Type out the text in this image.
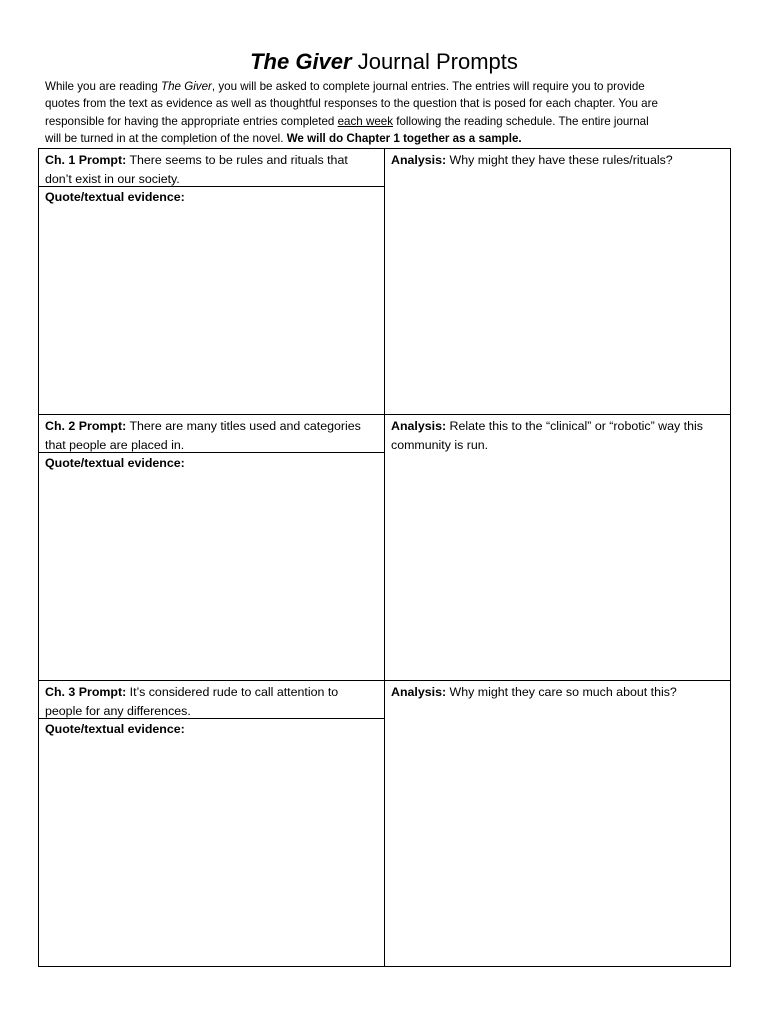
The Giver Journal Prompts
While you are reading The Giver, you will be asked to complete journal entries. The entries will require you to provide
quotes from the text as evidence as well as thoughtful responses to the question that is posed for each chapter. You are
responsible for having the appropriate entries completed each week following the reading schedule. The entire journal
will be turned in at the completion of the novel. We will do Chapter 1 together as a sample.
Ch. 1 Prompt: There seems to be rules and rituals that don’t exist in our society.
Quote/textual evidence:
Analysis: Why might they have these rules/rituals?
Ch. 2 Prompt: There are many titles used and categories that people are placed in.
Quote/textual evidence:
Analysis: Relate this to the “clinical” or “robotic” way this community is run.
Ch. 3 Prompt: It’s considered rude to call attention to people for any differences.
Quote/textual evidence:
Analysis: Why might they care so much about this?
